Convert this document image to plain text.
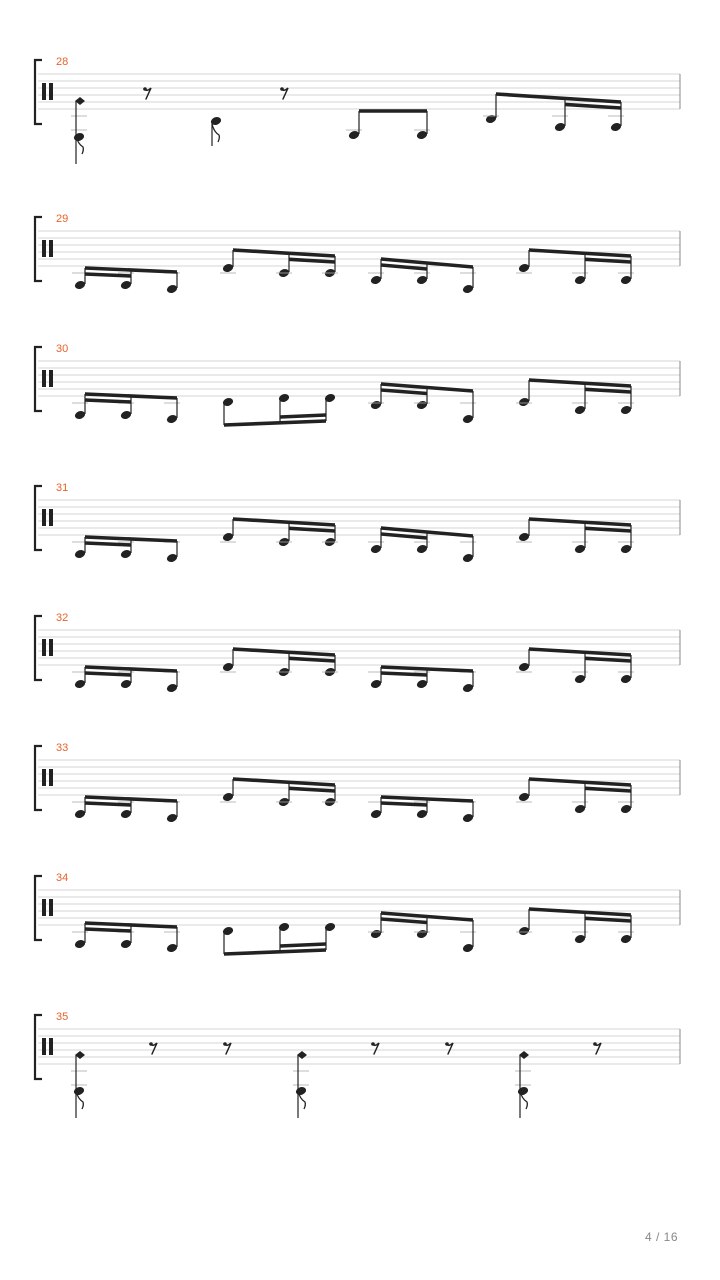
28
29
30
31
32
33
34
35
4 / 16
